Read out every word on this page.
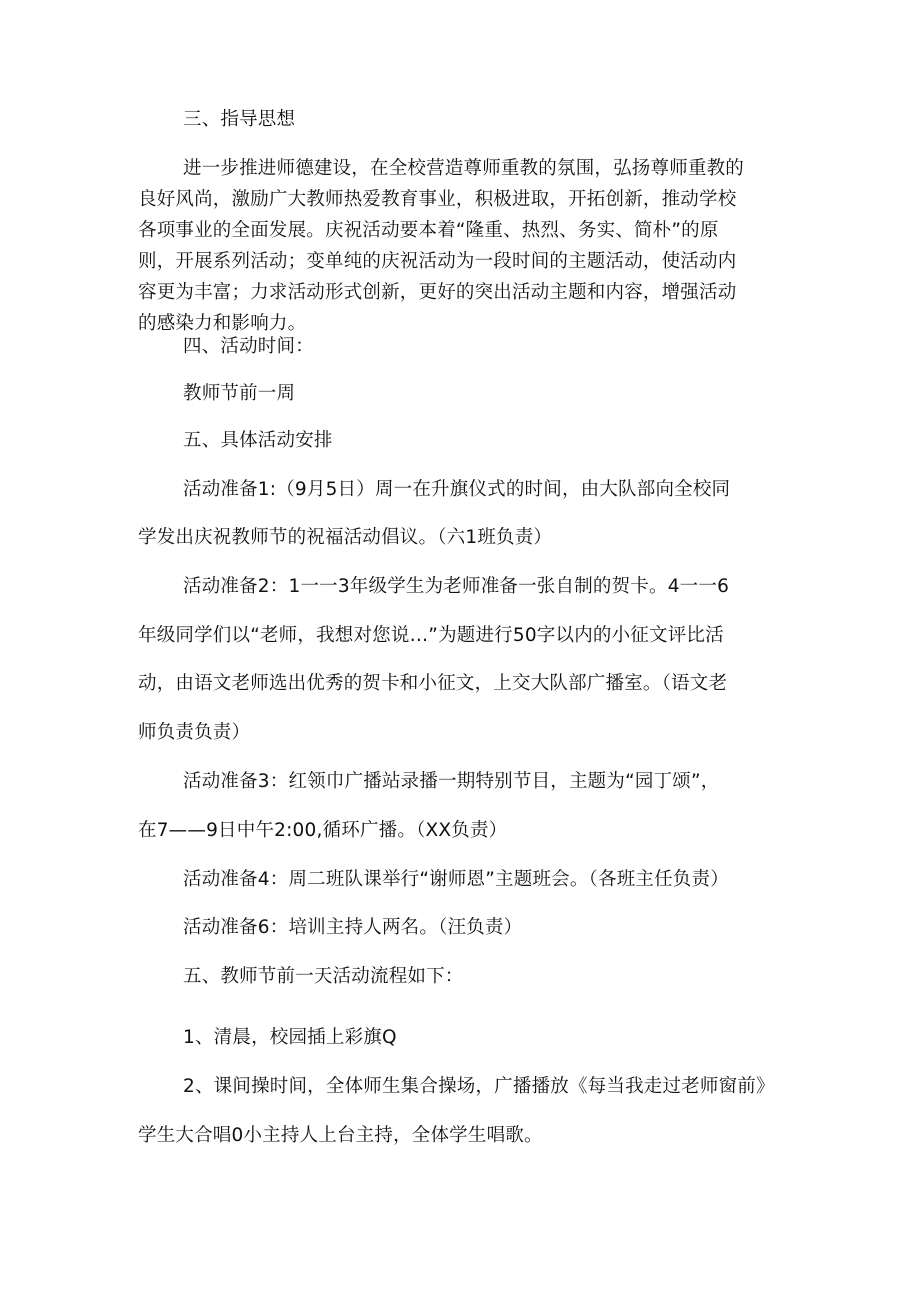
三、指导思想
进一步推进师德建设，在全校营造尊师重教的氛围，弘扬尊师重教的
良好风尚，激励广大教师热爱教育事业，积极进取，开拓创新，推动学校
各项事业的全面发展。庆祝活动要本着“隆重、热烈、务实、简朴”的原
则，开展系列活动；变单纯的庆祝活动为一段时间的主题活动，使活动内
容更为丰富；力求活动形式创新，更好的突出活动主题和内容，增强活动
的感染力和影响力。
四、活动时间：
教师节前一周
五、具体活动安排
活动准备1:（9月5日）周一在升旗仪式的时间，由大队部向全校同
学发出庆祝教师节的祝福活动倡议。（六1班负责）
活动准备2：1一一3年级学生为老师准备一张自制的贺卡。4一一6
年级同学们以“老师，我想对您说…”为题进行50字以内的小征文评比活
动，由语文老师选出优秀的贺卡和小征文，上交大队部广播室。（语文老
师负责负责）
活动准备3：红领巾广播站录播一期特别节目，主题为“园丁颂”，
在7——9日中午2:00,循环广播。（XX负责）
活动准备4：周二班队课举行“谢师恩”主题班会。（各班主任负责）
活动准备6：培训主持人两名。（汪负责）
五、教师节前一天活动流程如下：
1、清晨，校园插上彩旗Q
2、课间操时间，全体师生集合操场，广播播放《每当我走过老师窗前》
学生大合唱0小主持人上台主持，全体学生唱歌。
